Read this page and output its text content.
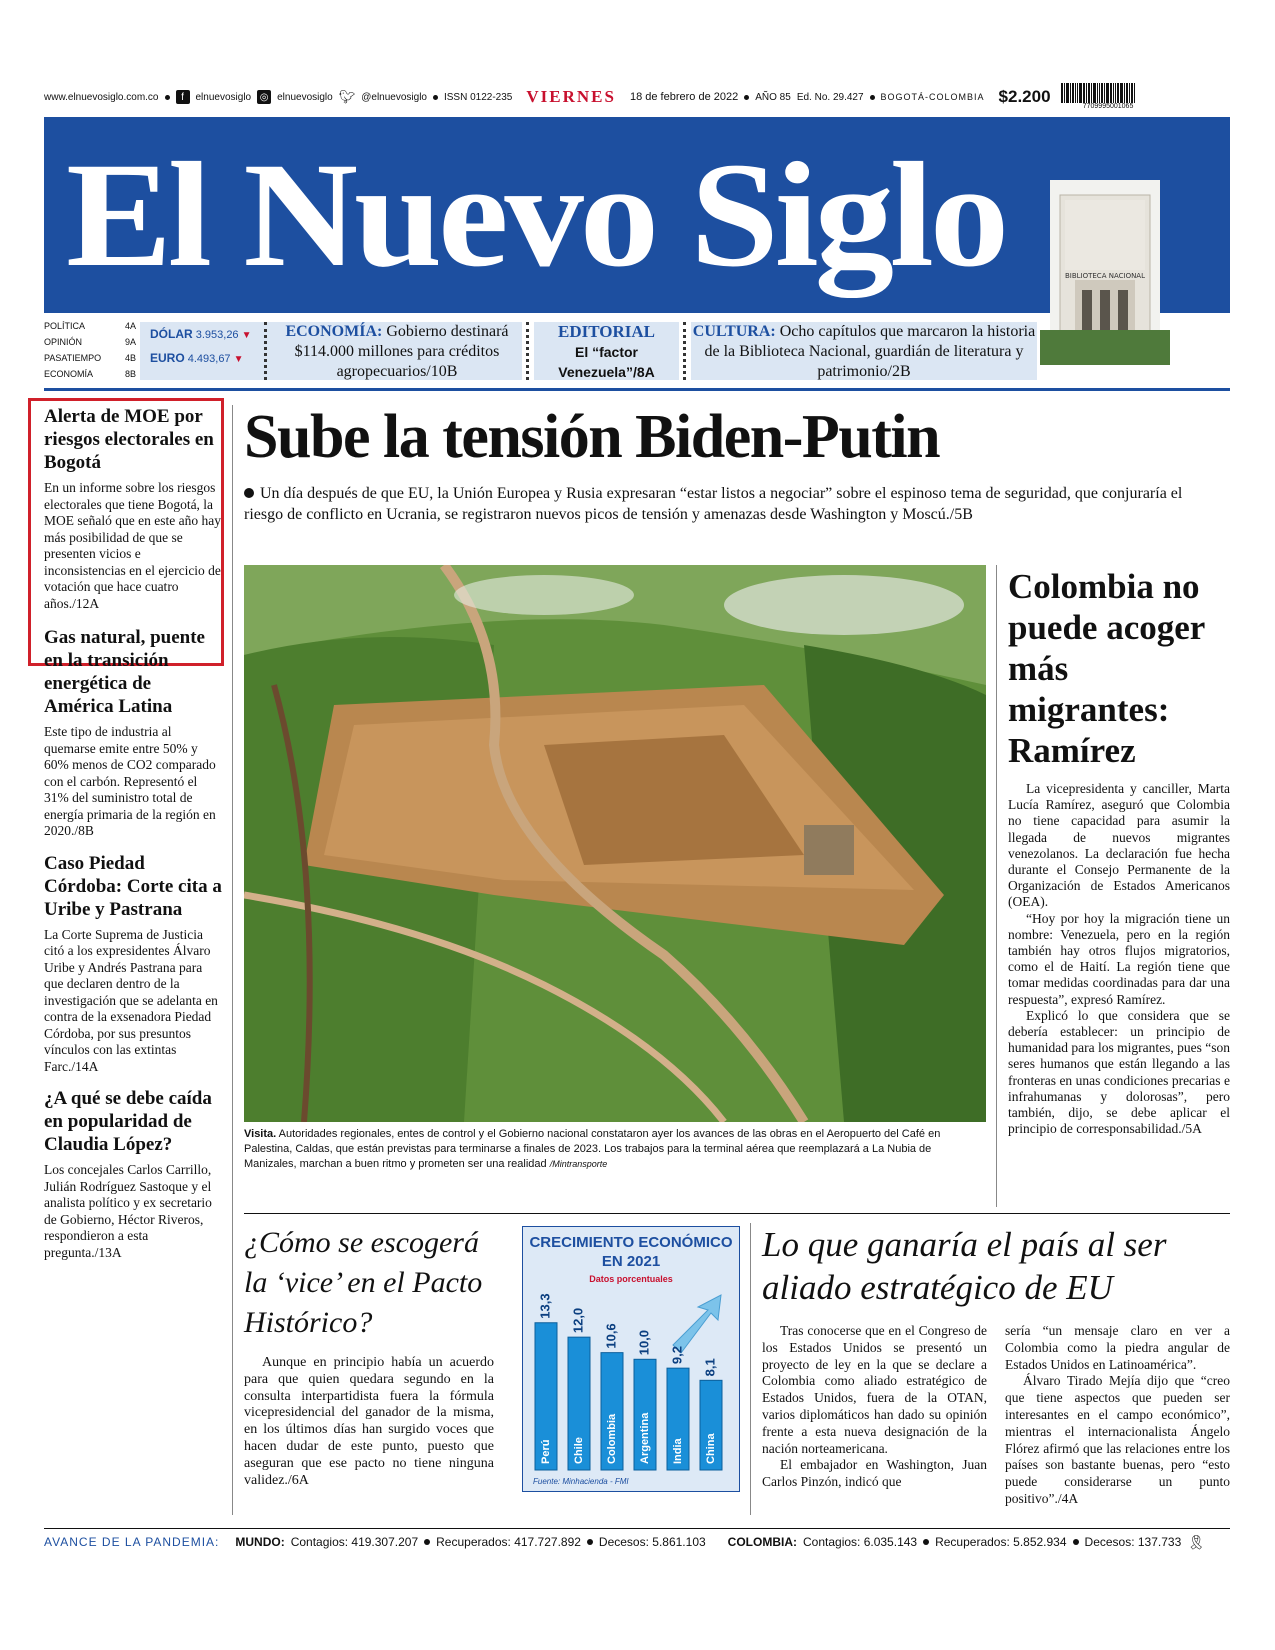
www.elnuevosiglo.com.co	f	elnuevosiglo ◎ elnuevosiglo 🐦︎ @elnuevosiglo ISSN 0122-235 VIERNES 18 de febrero de 2022 AÑO 85 Ed. No. 29.427 BOGOTÁ-COLOMBIA $2.200
7709995001065
El Nuevo Siglo	BIBLIOTECA NACIONAL
POLÍTICA	4A
OPINIÓN	9A
PASATIEMPO	4B
ECONOMÍA	8B
DÓLAR 3.953,26 ▼
EURO 4.493,67 ▼
ECONOMÍA: Gobierno destinará $114.000 millones para créditos agropecuarios/10B
EDITORIAL
El “factor Venezuela”/8A
CULTURA: Ocho capítulos que marcaron la historia de la Biblioteca Nacional, guardián de literatura y patrimonio/2B
Alerta de MOE por riesgos electorales en Bogotá

En un informe sobre los riesgos electorales que tiene Bogotá, la MOE señaló que en este año hay más posibilidad de que se presenten vicios e inconsistencias en el ejercicio de votación que hace cuatro años./12A

Gas natural, puente en la transición energética de América Latina

Este tipo de industria al quemarse emite entre 50% y 60% menos de CO2 comparado con el carbón. Representó el 31% del suministro total de energía primaria de la región en 2020./8B

Caso Piedad Córdoba: Corte cita a Uribe y Pastrana

La Corte Suprema de Justicia citó a los expresidentes Álvaro Uribe y Andrés Pastrana para que declaren dentro de la investigación que se adelanta en contra de la exsenadora Piedad Córdoba, por sus presuntos vínculos con las extintas Farc./14A

¿A qué se debe caída en popularidad de Claudia López?

Los concejales Carlos Carrillo, Julián Rodríguez Sastoque y el analista político y ex secretario de Gobierno, Héctor Riveros, respondieron a esta pregunta./13A

Sube la tensión Biden-Putin
Un día después de que EU, la Unión Europea y Rusia expresaran “estar listos a negociar” sobre el espinoso tema de seguridad, que conjuraría el riesgo de conflicto en Ucrania, se registraron nuevos picos de tensión y amenazas desde Washington y Moscú./5B
Visita. Autoridades regionales, entes de control y el Gobierno nacional constataron ayer los avances de las obras en el Aeropuerto del Café en Palestina, Caldas, que están previstas para terminarse a finales de 2023. Los trabajos para la terminal aérea que reemplazará a La Nubia de Manizales, marchan a buen ritmo y prometen ser una realidad /Mintransporte
Colombia no puede acoger más migrantes: Ramírez

La vicepresidenta y canciller, Marta Lucía Ramírez, aseguró que Colombia no tiene capacidad para asumir la llegada de nuevos migrantes venezolanos. La declaración fue hecha durante el Consejo Permanente de la Organización de Estados Americanos (OEA).

“Hoy por hoy la migración tiene un nombre: Venezuela, pero en la región también hay otros flujos migratorios, como el de Haití. La región tiene que tomar medidas coordinadas para dar una respuesta”, expresó Ramírez.

Explicó lo que considera que se debería establecer: un principio de humanidad para los migrantes, pues “son seres humanos que están llegando a las fronteras en unas condiciones precarias e infrahumanas y dolorosas”, pero también, dijo, se debe aplicar el principio de corresponsabilidad./5A

¿Cómo se escogerá la ‘vice’ en el Pacto Histórico?

Aunque en principio había un acuerdo para que quien quedara segundo en la consulta interpartidista fuera la fórmula vicepresidencial del ganador de la misma, en los últimos días han surgido voces que hacen dudar de este punto, puesto que aseguran que ese pacto no tiene ninguna validez./6A

CRECIMIENTO ECONÓMICO EN 2021
Datos porcentuales
13,3
Perú
12,0
Chile
10,6
Colombia
10,0
Argentina
9,2
India
8,1
China
Fuente: Minhacienda - FMI
Lo que ganaría el país al ser aliado estratégico de EU

Tras conocerse que en el Congreso de los Estados Unidos se presentó un proyecto de ley en la que se declare a Colombia como aliado estratégico de Estados Unidos, fuera de la OTAN, varios diplomáticos han dado su opinión frente a esta nueva designación de la nación norteamericana.

El embajador en Washington, Juan Carlos Pinzón, indicó que

sería “un mensaje claro en ver a Colombia como la piedra angular de Estados Unidos en Latinoamérica”.

Álvaro Tirado Mejía dijo que “creo que tiene aspectos que pueden ser interesantes en el campo económico”, mientras el internacionalista Ángelo Flórez afirmó que las relaciones entre los países son bastante buenas, pero “esto puede considerarse un punto positivo”./4A

AVANCE DE LA PANDEMIA: MUNDO: Contagios: 419.307.207 Recuperados: 417.727.892 Decesos: 5.861.103 COLOMBIA: Contagios: 6.035.143 Recuperados: 5.852.934 Decesos: 137.733 🎗︎
